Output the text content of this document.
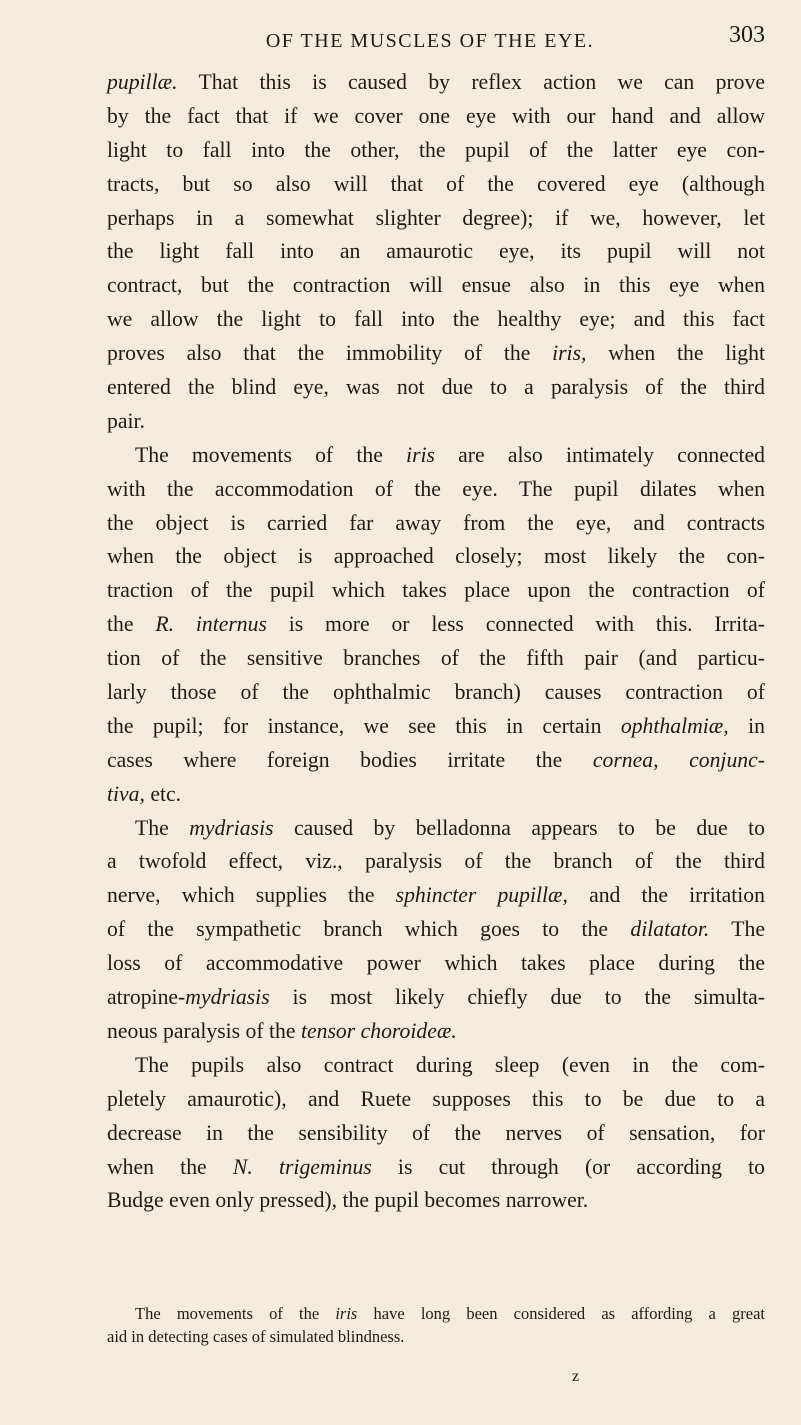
OF THE MUSCLES OF THE EYE.	303
pupillæ. That this is caused by reflex action we can prove
by the fact that if we cover one eye with our hand and allow
light to fall into the other, the pupil of the latter eye con-
tracts, but so also will that of the covered eye (although
perhaps in a somewhat slighter degree); if we, however, let
the light fall into an amaurotic eye, its pupil will not
contract, but the contraction will ensue also in this eye when
we allow the light to fall into the healthy eye; and this fact
proves also that the immobility of the iris, when the light
entered the blind eye, was not due to a paralysis of the third
pair.
The movements of the iris are also intimately connected
with the accommodation of the eye. The pupil dilates when
the object is carried far away from the eye, and contracts
when the object is approached closely; most likely the con-
traction of the pupil which takes place upon the contraction of
the R. internus is more or less connected with this. Irrita-
tion of the sensitive branches of the fifth pair (and particu-
larly those of the ophthalmic branch) causes contraction of
the pupil; for instance, we see this in certain ophthalmiæ, in
cases where foreign bodies irritate the cornea, conjunc-
tiva, etc.
The mydriasis caused by belladonna appears to be due to
a twofold effect, viz., paralysis of the branch of the third
nerve, which supplies the sphincter pupillæ, and the irritation
of the sympathetic branch which goes to the dilatator. The
loss of accommodative power which takes place during the
atropine-mydriasis is most likely chiefly due to the simulta-
neous paralysis of the tensor choroideæ.
The pupils also contract during sleep (even in the com-
pletely amaurotic), and Ruete supposes this to be due to a
decrease in the sensibility of the nerves of sensation, for
when the N. trigeminus is cut through (or according to
Budge even only pressed), the pupil becomes narrower.
The movements of the iris have long been considered as affording a great
aid in detecting cases of simulated blindness.
z
